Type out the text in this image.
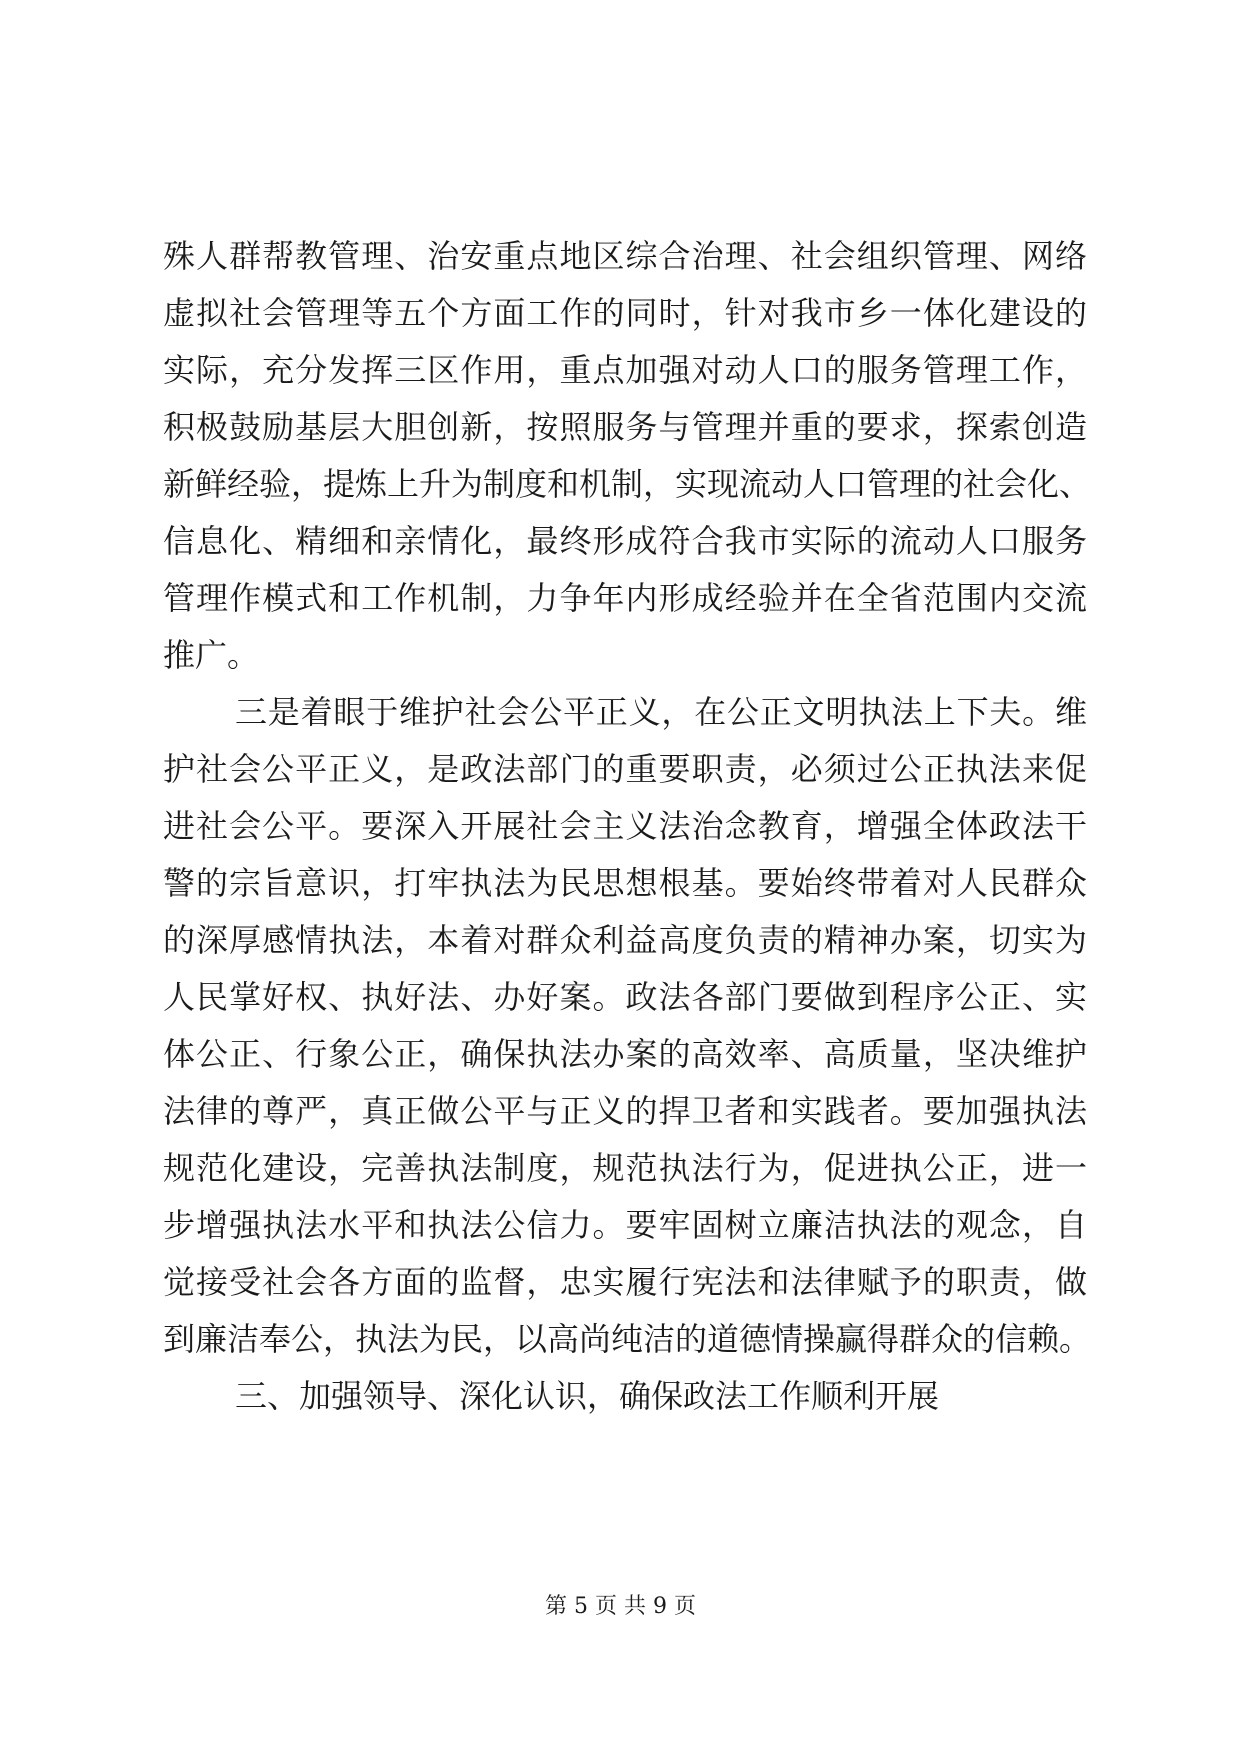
殊人群帮教管理、治安重点地区综合治理、社会组织管理、网络
虚拟社会管理等五个方面工作的同时，针对我市乡一体化建设的
实际，充分发挥三区作用，重点加强对动人口的服务管理工作，
积极鼓励基层大胆创新，按照服务与管理并重的要求，探索创造
新鲜经验，提炼上升为制度和机制，实现流动人口管理的社会化、
信息化、精细和亲情化，最终形成符合我市实际的流动人口服务
管理作模式和工作机制，力争年内形成经验并在全省范围内交流
推广。
三是着眼于维护社会公平正义，在公正文明执法上下夫。维
护社会公平正义，是政法部门的重要职责，必须过公正执法来促
进社会公平。要深入开展社会主义法治念教育，增强全体政法干
警的宗旨意识，打牢执法为民思想根基。要始终带着对人民群众
的深厚感情执法，本着对群众利益高度负责的精神办案，切实为
人民掌好权、执好法、办好案。政法各部门要做到程序公正、实
体公正、行象公正，确保执法办案的高效率、高质量，坚决维护
法律的尊严，真正做公平与正义的捍卫者和实践者。要加强执法
规范化建设，完善执法制度，规范执法行为，促进执公正，进一
步增强执法水平和执法公信力。要牢固树立廉洁执法的观念，自
觉接受社会各方面的监督，忠实履行宪法和法律赋予的职责，做
到廉洁奉公，执法为民，以高尚纯洁的道德情操赢得群众的信赖。
三、加强领导、深化认识，确保政法工作顺利开展
第 5 页 共 9 页
